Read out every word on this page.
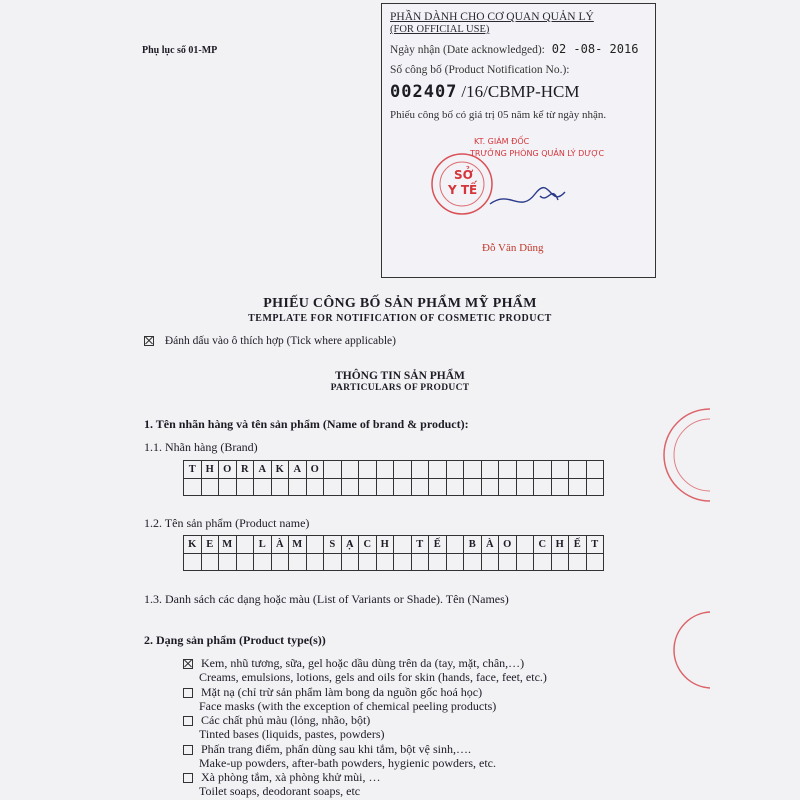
Phụ lục số 01-MP
PHẦN DÀNH CHO CƠ QUAN QUẢN LÝ
(FOR OFFICIAL USE)
Ngày nhận (Date acknowledged): 02 -08- 2016
Số công bố (Product Notification No.):
002407 /16/CBMP-HCM
Phiếu công bố có giá trị 05 năm kể từ ngày nhận.
SỞ
Y TẾ
KT. GIÁM ĐỐC
TRƯỞNG PHÒNG QUẢN LÝ DƯỢC
Đỗ Văn Dũng
PHIẾU CÔNG BỐ SẢN PHẨM MỸ PHẨM
TEMPLATE FOR NOTIFICATION OF COSMETIC PRODUCT
Đánh dấu vào ô thích hợp (Tick where applicable)
THÔNG TIN SẢN PHẨM
PARTICULARS OF PRODUCT
1. Tên nhãn hàng và tên sản phẩm (Name of brand & product):
1.1. Nhãn hàng (Brand)
T H O R A K A O
1.2. Tên sản phẩm (Product name)
K E M	L À M	S	Ạ C H	T Ế	B À O	C H Ế T
1.3. Danh sách các dạng hoặc màu (List of Variants or Shade). Tên (Names)
2. Dạng sản phẩm (Product type(s))
Kem, nhũ tương, sữa, gel hoặc dầu dùng trên da (tay, mặt, chân,…)
Creams, emulsions, lotions, gels and oils for skin (hands, face, feet, etc.)
Mặt nạ (chỉ trừ sản phẩm làm bong da nguồn gốc hoá học)
Face masks (with the exception of chemical peeling products)
Các chất phủ màu (lỏng, nhão, bột)
Tinted bases (liquids, pastes, powders)
Phấn trang điểm, phấn dùng sau khi tắm, bột vệ sinh,….
Make-up powders, after-bath powders, hygienic powders, etc.
Xà phòng tắm, xà phòng khử mùi, …
Toilet soaps, deodorant soaps, etc
